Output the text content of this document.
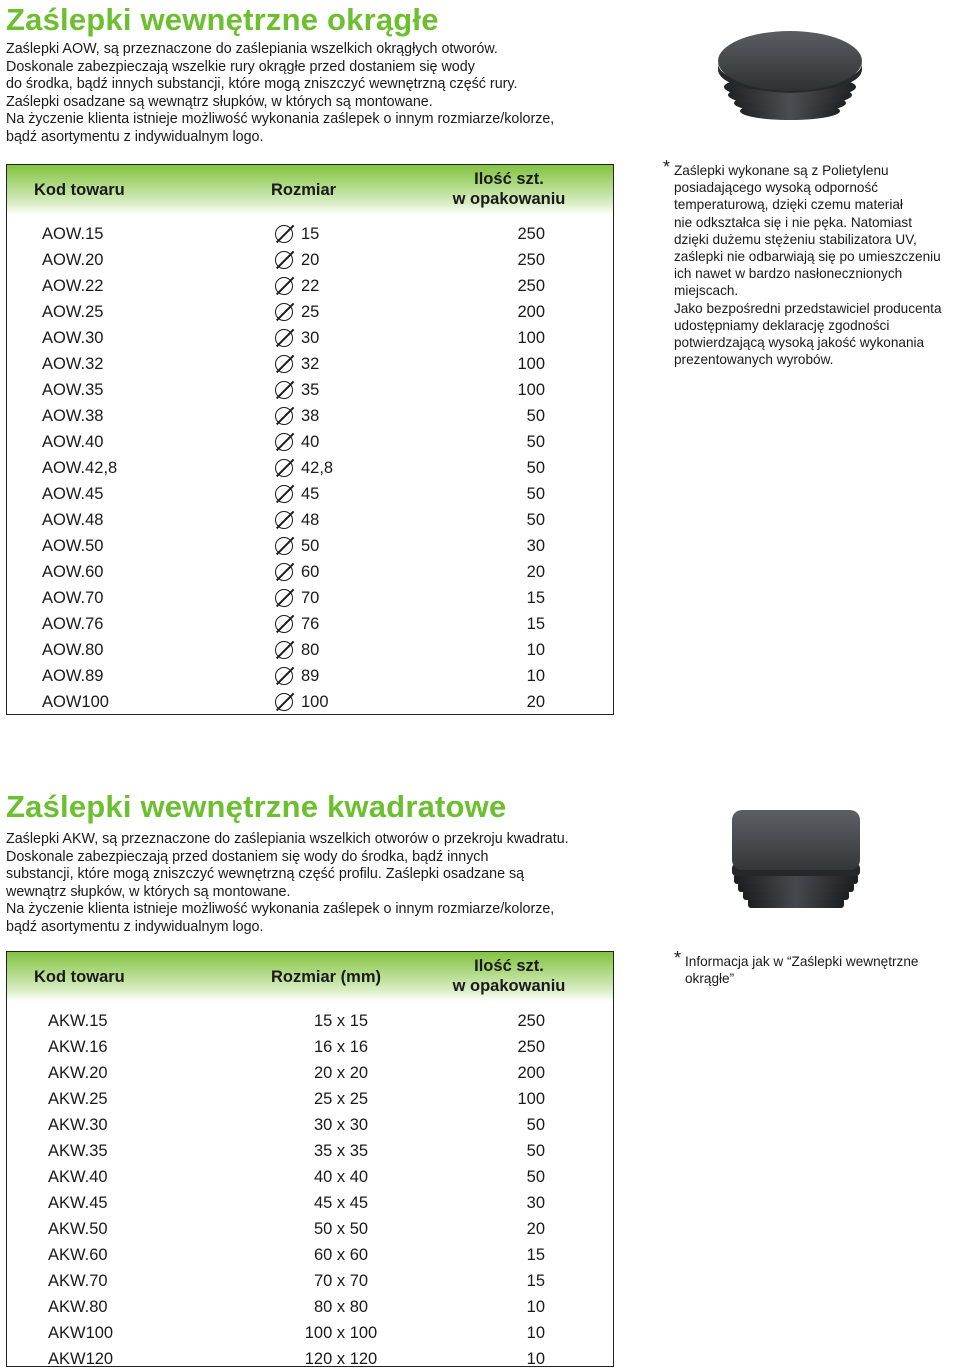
Zaślepki wewnętrzne okrągłe

Zaślepki AOW, są przeznaczone do zaślepiania wszelkich okrągłych otworów.

Doskonale zabezpieczają wszelkie rury okrągłe przed dostaniem się wody

do środka, bądź innych substancji, które mogą zniszczyć wewnętrzną część rury.

Zaślepki osadzane są wewnątrz słupków, w których są montowane.

Na życzenie klienta istnieje możliwość wykonania zaślepek o innym rozmiarze/kolorze,

bądź asortymentu z indywidualnym logo.

Kod towaru	Rozmiar
Ilość szt.
w opakowaniu
AOW.15	15	250
AOW.20	20	250
AOW.22	22	250
AOW.25	25	200
AOW.30	30	100
AOW.32	32	100
AOW.35	35	100
AOW.38	38	50
AOW.40	40	50
AOW.42,8	42,8	50
AOW.45	45	50
AOW.48	48	50
AOW.50	50	30
AOW.60	60	20
AOW.70	70	15
AOW.76	76	15
AOW.80	80	10
AOW.89	89	10
AOW100	100	20
* Zaślepki wykonane są z Polietylenu

posiadającego wysoką odporność

temperaturową, dzięki czemu materiał

nie odkształca się i nie pęka. Natomiast

dzięki dużemu stężeniu stabilizatora UV,

zaślepki nie odbarwiają się po umieszczeniu

ich nawet w bardzo nasłonecznionych

miejscach.

Jako bezpośredni przedstawiciel producenta

udostępniamy deklarację zgodności

potwierdzającą wysoką jakość wykonania

prezentowanych wyrobów.

Zaślepki wewnętrzne kwadratowe

Zaślepki AKW, są przeznaczone do zaślepiania wszelkich otworów o przekroju kwadratu.

Doskonale zabezpieczają przed dostaniem się wody do środka, bądź innych

substancji, które mogą zniszczyć wewnętrzną część profilu. Zaślepki osadzane są

wewnątrz słupków, w których są montowane.

Na życzenie klienta istnieje możliwość wykonania zaślepek o innym rozmiarze/kolorze,

bądź asortymentu z indywidualnym logo.

Kod towaru	Rozmiar (mm)
Ilość szt.
w opakowaniu
AKW.15	15 x 15	250
AKW.16	16 x 16	250
AKW.20	20 x 20	200
AKW.25	25 x 25	100
AKW.30	30 x 30	50
AKW.35	35 x 35	50
AKW.40	40 x 40	50
AKW.45	45 x 45	30
AKW.50	50 x 50	20
AKW.60	60 x 60	15
AKW.70	70 x 70	15
AKW.80	80 x 80	10
AKW100	100 x 100	10
AKW120	120 x 120	10
* Informacja jak w “Zaślepki wewnętrzne

okrągłe”
